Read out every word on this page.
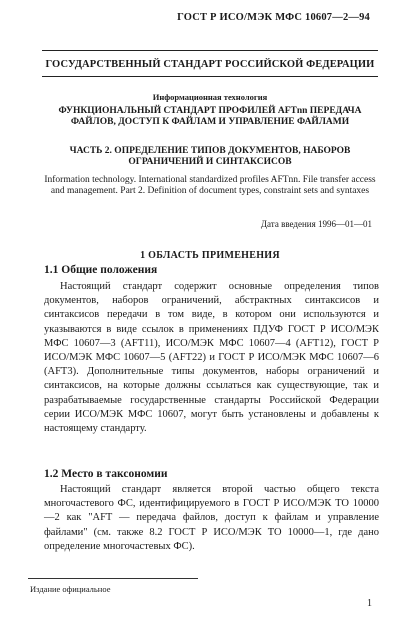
ГОСТ Р ИСО/МЭК МФС 10607—2—94
ГОСУДАРСТВЕННЫЙ СТАНДАРТ РОССИЙСКОЙ ФЕДЕРАЦИИ
Информационная технология
ФУНКЦИОНАЛЬНЫЙ СТАНДАРТ ПРОФИЛЕЙ AFTnn ПЕРЕДАЧА ФАЙЛОВ, ДОСТУП К ФАЙЛАМ И УПРАВЛЕНИЕ ФАЙЛАМИ
ЧАСТЬ 2. ОПРЕДЕЛЕНИЕ ТИПОВ ДОКУМЕНТОВ, НАБОРОВ ОГРАНИЧЕНИЙ И СИНТАКСИСОВ
Information technology. International standardized profiles AFTnn. File transfer access and management. Part 2. Definition of document types, constraint sets and syntaxes
Дата введения 1996—01—01
1 ОБЛАСТЬ ПРИМЕНЕНИЯ
1.1 Общие положения

Настоящий стандарт содержит основные определения типов документов, наборов ограничений, абстрактных синтаксисов и синтаксисов передачи в том виде, в котором они используются и указываются в виде ссылок в применениях ПДУФ ГОСТ Р ИСО/МЭК МФС 10607—3 (AFT11), ИСО/МЭК МФС 10607—4 (AFT12), ГОСТ Р ИСО/МЭК МФС 10607—5 (AFT22) и ГОСТ Р ИСО/МЭК МФС 10607—6 (AFT3). Дополнительные типы документов, наборы ограничений и синтаксисов, на которые должны ссылаться как существующие, так и разрабатываемые государственные стандарты Российской Федерации серии ИСО/МЭК МФС 10607, могут быть установлены и добавлены к настоящему стандарту.

1.2 Место в таксономии

Настоящий стандарт является второй частью общего текста многочастевого ФС, идентифицируемого в ГОСТ Р ИСО/МЭК ТО 10000—2 как "AFT — передача файлов, доступ к файлам и управление файлами" (см. также 8.2 ГОСТ Р ИСО/МЭК ТО 10000—1, где дано определение многочастевых ФС).

Издание официальное
1
